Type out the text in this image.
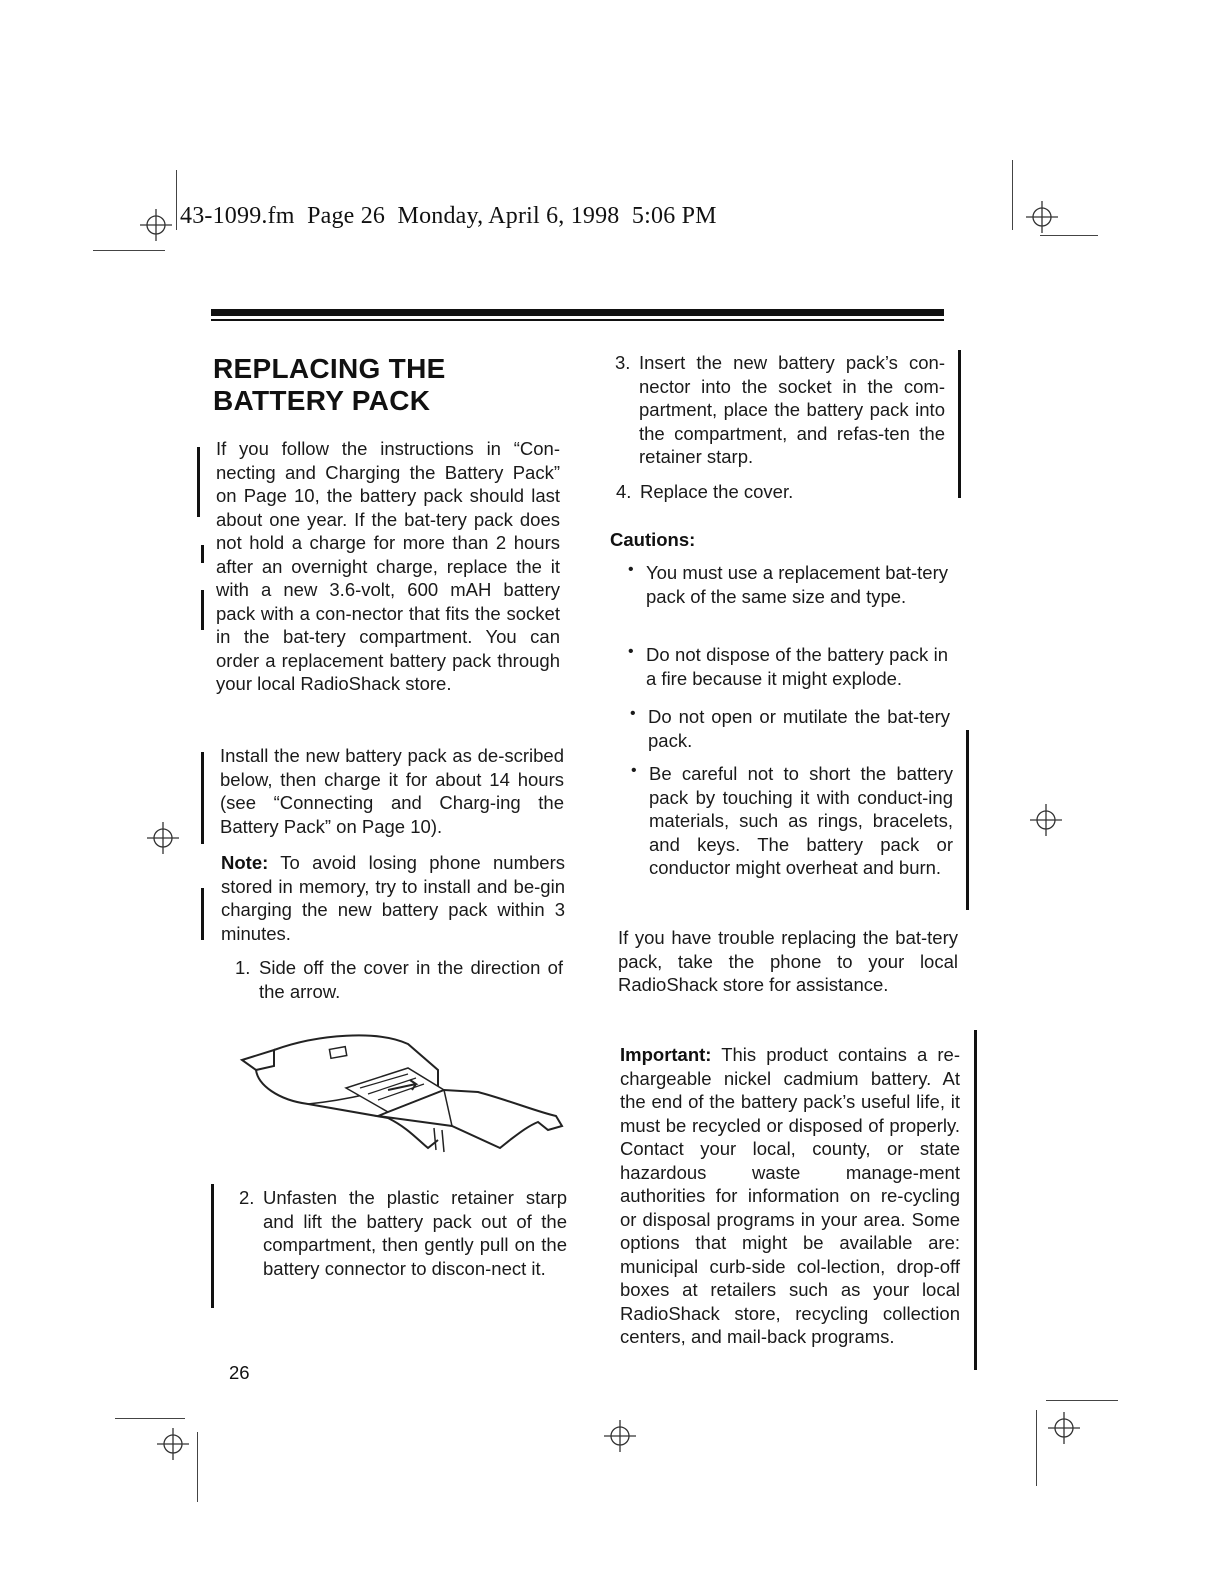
43-1099.fm Page 26 Monday, April 6, 1998 5:06 PM
REPLACING THE
BATTERY PACK
If you follow the instructions in “Con-necting and Charging the Battery Pack” on Page 10, the battery pack should last about one year. If the bat-tery pack does not hold a charge for more than 2 hours after an overnight charge, replace the it with a new 3.6-volt, 600 mAH battery pack with a con-nector that fits the socket in the bat-tery compartment. You can order a replacement battery pack through your local RadioShack store.
Install the new battery pack as de-scribed below, then charge it for about 14 hours (see “Connecting and Charg-ing the Battery Pack” on Page 10).
Note: To avoid losing phone numbers stored in memory, try to install and be-gin charging the new battery pack within 3 minutes.
1. Side off the cover in the direction of the arrow.
2. Unfasten the plastic retainer starp and lift the battery pack out of the compartment, then gently pull on the battery connector to discon-nect it.
26
3. Insert the new battery pack’s con-nector into the socket in the com-partment, place the battery pack into the compartment, and refas-ten the retainer starp.
4. Replace the cover.
Cautions:
• You must use a replacement bat-tery pack of the same size and type.
• Do not dispose of the battery pack in a fire because it might explode.
• Do not open or mutilate the bat-tery pack.
• Be careful not to short the battery pack by touching it with conduct-ing materials, such as rings, bracelets, and keys. The battery pack or conductor might overheat and burn.
If you have trouble replacing the bat-tery pack, take the phone to your local RadioShack store for assistance.
Important: This product contains a re-chargeable nickel cadmium battery. At the end of the battery pack’s useful life, it must be recycled or disposed of properly. Contact your local, county, or state hazardous waste manage-ment authorities for information on re-cycling or disposal programs in your area. Some options that might be available are: municipal curb-side col-lection, drop-off boxes at retailers such as your local RadioShack store, recycling collection centers, and mail-back programs.
